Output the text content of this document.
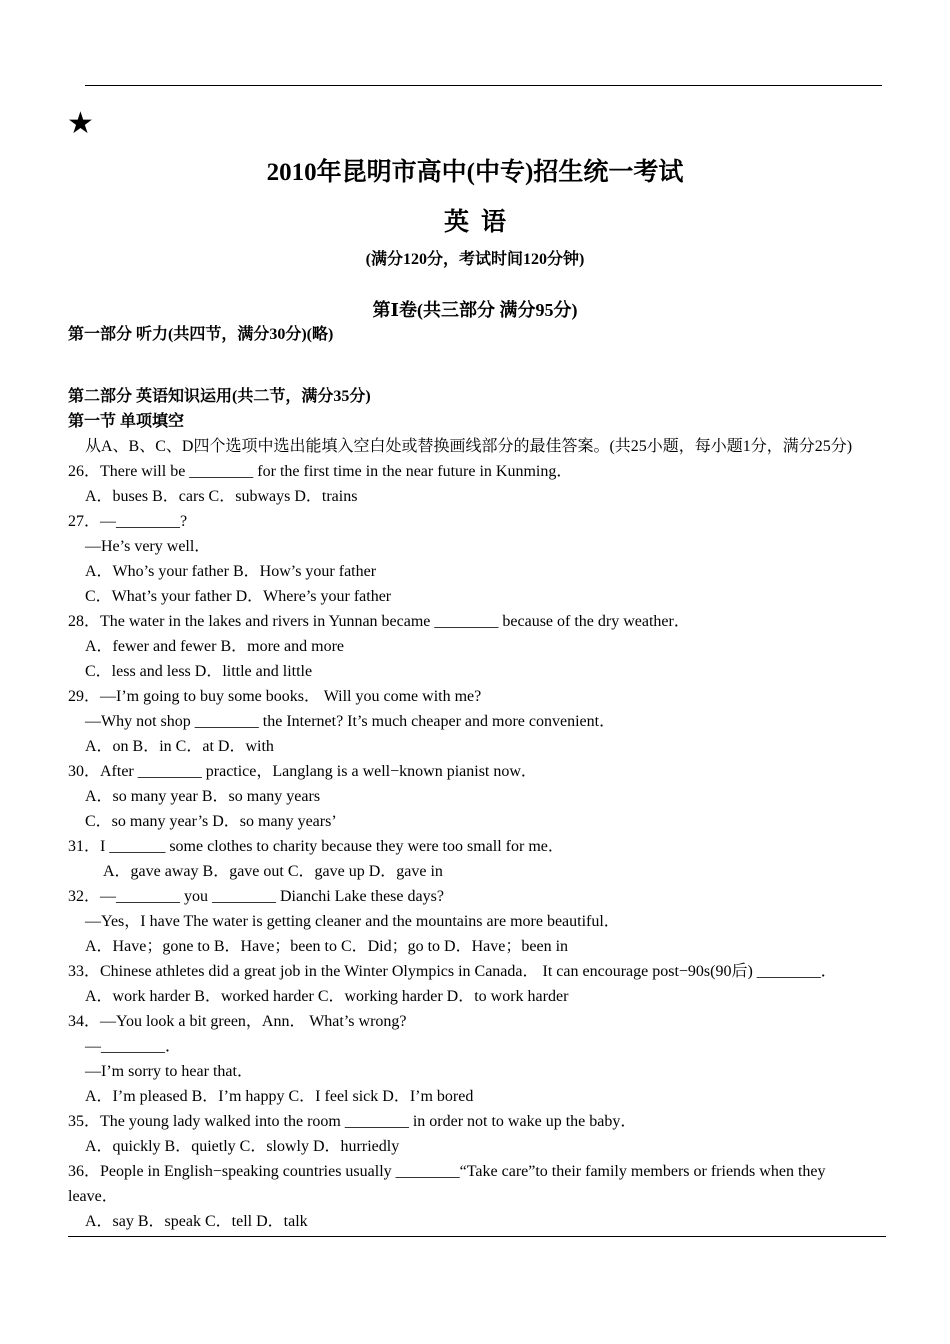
★
2010年昆明市高中(中专)招生统一考试
英语
(满分120分，考试时间120分钟)
第Ⅰ卷(共三部分 满分95分)
第一部分 听力(共四节，满分30分)(略)
第二部分 英语知识运用(共二节，满分35分)
第一节 单项填空
从A、B、C、D四个选项中选出能填入空白处或替换画线部分的最佳答案。(共25小题，每小题1分，满分25分)
26．There will be ________ for the first time in the near future in Kunming．
A．buses B．cars C．subways D．trains
27．—________?
—He’s very well．
A．Who’s your father B．How’s your father
C．What’s your father D．Where’s your father
28．The water in the lakes and rivers in Yunnan became ________ because of the dry weather．
A．fewer and fewer B．more and more
C．less and less D．little and little
29．—I’m going to buy some books． Will you come with me?
—Why not shop ________ the Internet? It’s much cheaper and more convenient．
A．on B．in C．at D．with
30．After ________ practice，Langlang is a well−known pianist now．
A．so many year B．so many years
C．so many year’s D．so many years’
31．I _______ some clothes to charity because they were too small for me．
A．gave away B．gave out C．gave up D．gave in
32．—________ you ________ Dianchi Lake these days?
—Yes，I have The water is getting cleaner and the mountains are more beautiful．
A．Have；gone to B．Have；been to C．Did；go to D．Have；been in
33．Chinese athletes did a great job in the Winter Olympics in Canada． It can encourage post−90s(90后) ________．
A．work harder B．worked harder C．working harder D．to work harder
34．—You look a bit green，Ann． What’s wrong?
—________．
—I’m sorry to hear that．
A．I’m pleased B．I’m happy C．I feel sick D．I’m bored
35．The young lady walked into the room ________ in order not to wake up the baby．
A．quickly B．quietly C．slowly D．hurriedly
36．People in English−speaking countries usually ________“Take care”to their family members or friends when they
leave．
A．say B．speak C．tell D．talk
